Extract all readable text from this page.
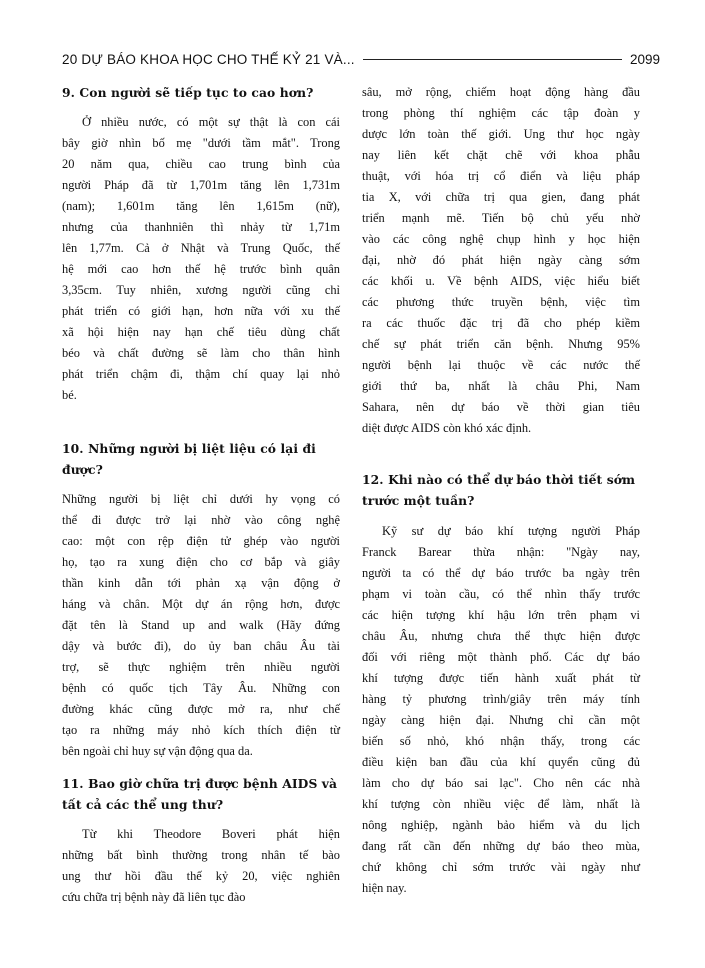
20 DỰ BÁO KHOA HỌC CHO THẾ KỶ 21 VÀ...	2099
9. Con người sẽ tiếp tục to cao hơn?

Ở nhiều nước, có một sự thật là con cái
bây giờ nhìn bố mẹ "dưới tầm mắt". Trong
20 năm qua, chiều cao trung bình của
người Pháp đã từ 1,701m tăng lên 1,731m
(nam); 1,601m tăng lên 1,615m (nữ),
nhưng của thanhniên thì nhảy từ 1,71m
lên 1,77m. Cả ở Nhật và Trung Quốc, thế
hệ mới cao hơn thế hệ trước bình quân
3,35cm. Tuy nhiên, xương người cũng chỉ
phát triển có giới hạn, hơn nữa với xu thế
xã hội hiện nay hạn chế tiêu dùng chất
béo và chất đường sẽ làm cho thân hình
phát triển chậm đi, thậm chí quay lại nhỏ
bé.

10. Những người bị liệt liệu có lại đi
được?

Những người bị liệt chỉ dưới hy vọng có
thể đi được trở lại nhờ vào công nghệ
cao: một con rệp điện tử ghép vào người
họ, tạo ra xung điện cho cơ bắp và giây
thần kinh dẫn tới phản xạ vận động ở
háng và chân. Một dự án rộng hơn, được
đặt tên là Stand up and walk (Hãy đứng
dậy và bước đi), do ủy ban châu Âu tài
trợ, sẽ thực nghiệm trên nhiều người
bệnh có quốc tịch Tây Âu. Những con
đường khác cũng được mở ra, như chế
tạo ra những máy nhỏ kích thích điện từ
bên ngoài chỉ huy sự vận động qua da.

11. Bao giờ chữa trị được bệnh AIDS và
tất cả các thể ung thư?

Từ khi Theodore Boveri phát hiện
những bất bình thường trong nhân tế bào
ung thư hồi đầu thế kỷ 20, việc nghiên
cứu chữa trị bệnh này đã liên tục đào

sâu, mở rộng, chiếm hoạt động hàng đầu
trong phòng thí nghiệm các tập đoàn y
dược lớn toàn thế giới. Ung thư học ngày
nay liên kết chặt chẽ với khoa phẫu
thuật, với hóa trị cổ điển và liệu pháp
tia X, với chữa trị qua gien, đang phát
triển mạnh mẽ. Tiến bộ chủ yếu nhờ
vào các công nghệ chụp hình y học hiện
đại, nhờ đó phát hiện ngày càng sớm
các khối u. Về bệnh AIDS, việc hiểu biết
các phương thức truyền bệnh, việc tìm
ra các thuốc đặc trị đã cho phép kiềm
chế sự phát triển căn bệnh. Nhưng 95%
người bệnh lại thuộc về các nước thế
giới thứ ba, nhất là châu Phi, Nam
Sahara, nên dự báo về thời gian tiêu
diệt được AIDS còn khó xác định.

12. Khi nào có thể dự báo thời tiết sớm
trước một tuần?

Kỹ sư dự báo khí tượng người Pháp
Franck Barear thừa nhận: "Ngày nay,
người ta có thể dự báo trước ba ngày trên
phạm vi toàn cầu, có thể nhìn thấy trước
các hiện tượng khí hậu lớn trên phạm vi
châu Âu, nhưng chưa thể thực hiện được
đối với riêng một thành phố. Các dự báo
khí tượng được tiến hành xuất phát từ
hàng tỷ phương trình/giây trên máy tính
ngày càng hiện đại. Nhưng chỉ cần một
biến số nhỏ, khó nhận thấy, trong các
điều kiện ban đầu của khí quyển cũng đủ
làm cho dự báo sai lạc". Cho nên các nhà
khí tượng còn nhiều việc để làm, nhất là
nông nghiệp, ngành bảo hiểm và du lịch
đang rất cần đến những dự báo theo mùa,
chứ không chỉ sớm trước vài ngày như
hiện nay.
